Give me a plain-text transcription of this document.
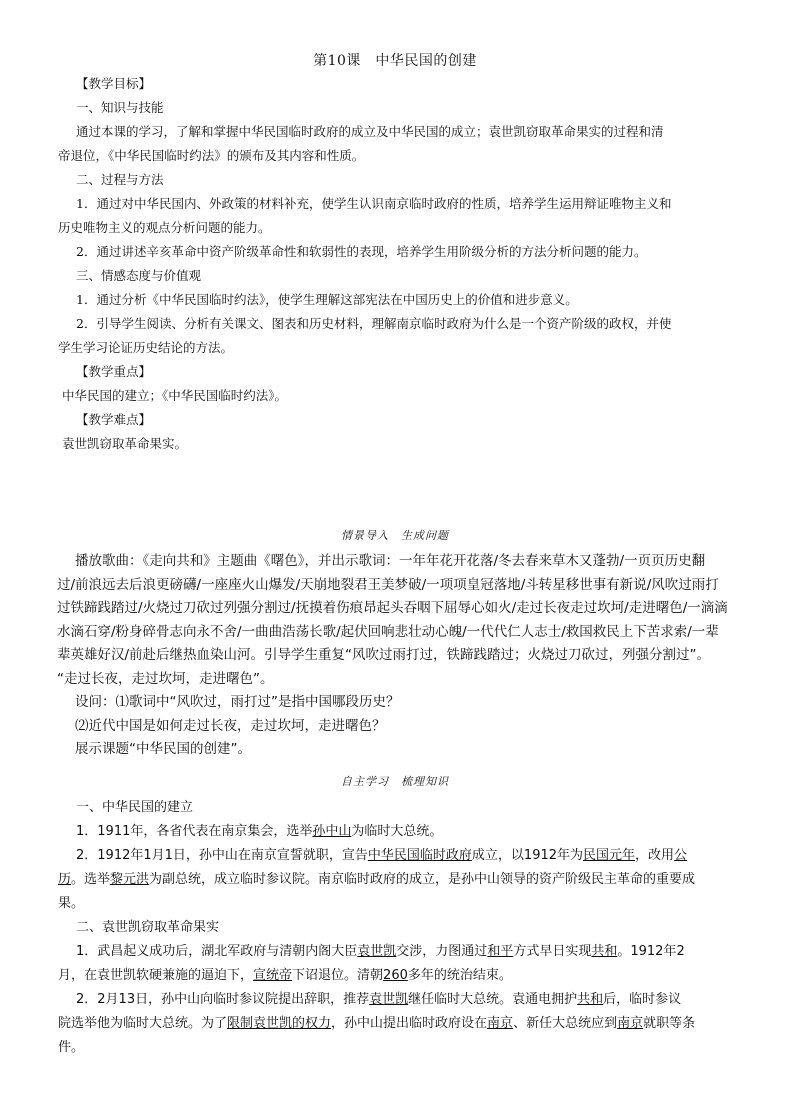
第10课　中华民国的创建
【教学目标】
一、知识与技能
通过本课的学习，了解和掌握中华民国临时政府的成立及中华民国的成立；袁世凯窃取革命果实的过程和清
帝退位，《中华民国临时约法》的颁布及其内容和性质。
二、过程与方法
1．通过对中华民国内、外政策的材料补充，使学生认识南京临时政府的性质，培养学生运用辩证唯物主义和
历史唯物主义的观点分析问题的能力。
2．通过讲述辛亥革命中资产阶级革命性和软弱性的表现，培养学生用阶级分析的方法分析问题的能力。
三、情感态度与价值观
1．通过分析《中华民国临时约法》，使学生理解这部宪法在中国历史上的价值和进步意义。
2．引导学生阅读、分析有关课文、图表和历史材料，理解南京临时政府为什么是一个资产阶级的政权，并使
学生学习论证历史结论的方法。
【教学重点】
中华民国的建立；《中华民国临时约法》。
【教学难点】
袁世凯窃取革命果实。
情景导入　生成问题
播放歌曲：《走向共和》主题曲《曙色》，并出示歌词：一年年花开花落/冬去春来草木又蓬勃/一页页历史翻
过/前浪远去后浪更磅礴/一座座火山爆发/天崩地裂君王美梦破/一项项皇冠落地/斗转星移世事有新说/风吹过雨打
过铁蹄践踏过/火烧过刀砍过列强分割过/抚摸着伤痕昂起头吞咽下屈辱心如火/走过长夜走过坎坷/走进曙色/一滴滴
水滴石穿/粉身碎骨志向永不舍/一曲曲浩荡长歌/起伏回响悲壮动心魄/一代代仁人志士/救国救民上下苦求索/一辈
辈英雄好汉/前赴后继热血染山河。引导学生重复“风吹过雨打过，铁蹄践踏过；火烧过刀砍过，列强分割过”。
“走过长夜，走过坎坷，走进曙色”。
设问：⑴歌词中“风吹过，雨打过”是指中国哪段历史？
⑵近代中国是如何走过长夜，走过坎坷，走进曙色？
展示课题“中华民国的创建”。
自主学习　梳理知识
一、中华民国的建立
1．1911年，各省代表在南京集会，选举孙中山为临时大总统。
2．1912年1月1日，孙中山在南京宣誓就职，宣告中华民国临时政府成立，以1912年为民国元年，改用公
历。选举黎元洪为副总统，成立临时参议院。南京临时政府的成立，是孙中山领导的资产阶级民主革命的重要成
果。
二、袁世凯窃取革命果实
1．武昌起义成功后，湖北军政府与清朝内阁大臣袁世凯交涉，力图通过和平方式早日实现共和。1912年2
月，在袁世凯软硬兼施的逼迫下，宣统帝下诏退位。清朝260多年的统治结束。
2．2月13日，孙中山向临时参议院提出辞职，推荐袁世凯继任临时大总统。袁通电拥护共和后，临时参议
院选举他为临时大总统。为了限制袁世凯的权力，孙中山提出临时政府设在南京、新任大总统应到南京就职等条
件。
